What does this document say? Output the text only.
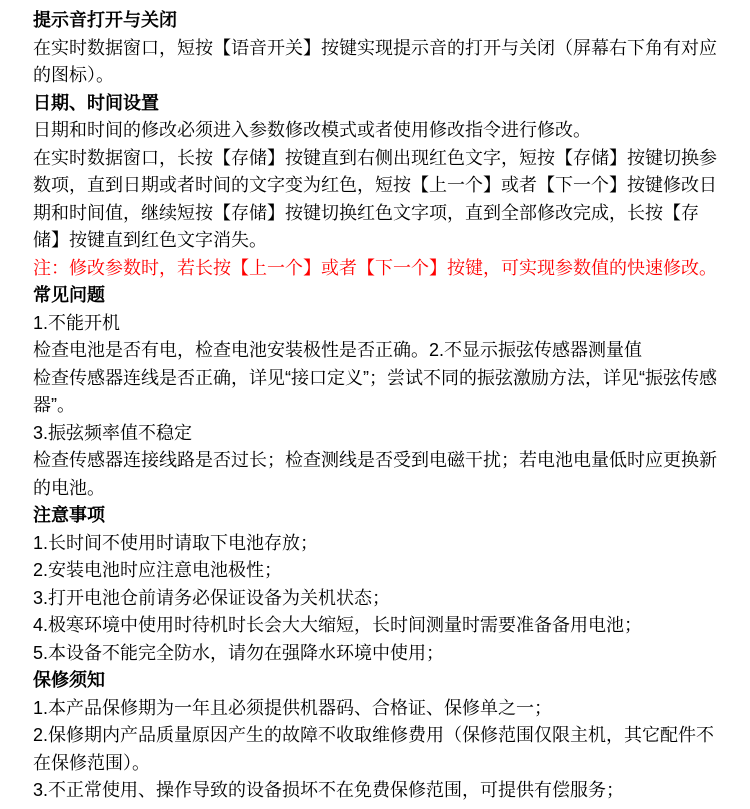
提示音打开与关闭

在实时数据窗口，短按【语音开关】按键实现提示音的打开与关闭（屏幕右下角有对应的图标）。

日期、时间设置

日期和时间的修改必须进入参数修改模式或者使用修改指令进行修改。

在实时数据窗口，长按【存储】按键直到右侧出现红色文字，短按【存储】按键切换参数项，直到日期或者时间的文字变为红色，短按【上一个】或者【下一个】按键修改日期和时间值，继续短按【存储】按键切换红色文字项，直到全部修改完成，长按【存储】按键直到红色文字消失。

注：修改参数时，若长按【上一个】或者【下一个】按键，可实现参数值的快速修改。

常见问题

1.不能开机

检查电池是否有电，检查电池安装极性是否正确。2.不显示振弦传感器测量值

检查传感器连线是否正确，详见“接口定义”；尝试不同的振弦激励方法，详见“振弦传感器”。

3.振弦频率值不稳定

检查传感器连接线路是否过长；检查测线是否受到电磁干扰；若电池电量低时应更换新的电池。

注意事项

1.长时间不使用时请取下电池存放；

2.安装电池时应注意电池极性；

3.打开电池仓前请务必保证设备为关机状态；

4.极寒环境中使用时待机时长会大大缩短，长时间测量时需要准备备用电池；

5.本设备不能完全防水，请勿在强降水环境中使用；

保修须知

1.本产品保修期为一年且必须提供机器码、合格证、保修单之一；

2.保修期内产品质量原因产生的故障不收取维修费用（保修范围仅限主机，其它配件不在保修范围）。

3.不正常使用、操作导致的设备损坏不在免费保修范围，可提供有偿服务；
